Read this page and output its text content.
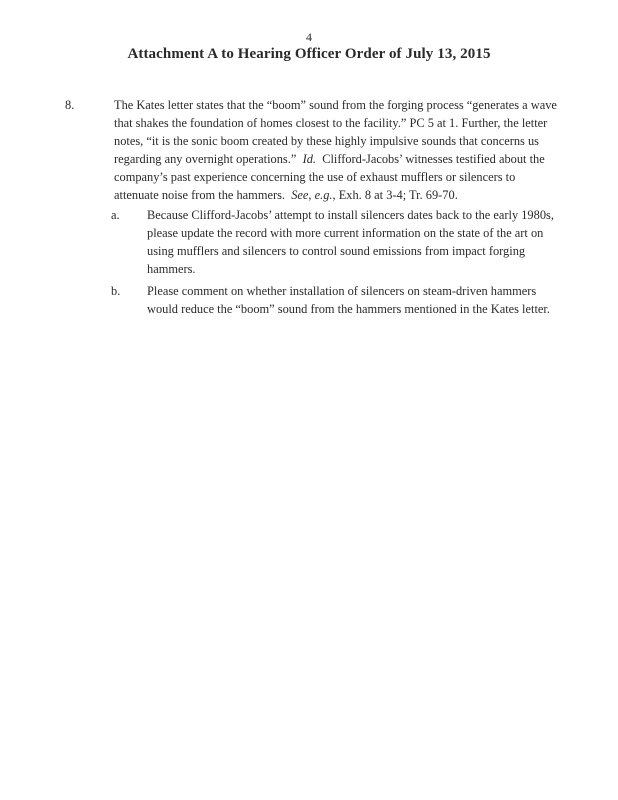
4
Attachment A to Hearing Officer Order of July 13, 2015
8.	The Kates letter states that the “boom” sound from the forging process “generates a wave
that shakes the foundation of homes closest to the facility.” PC 5 at 1. Further, the letter
notes, “it is the sonic boom created by these highly impulsive sounds that concerns us
regarding any overnight operations.” Id. Clifford-Jacobs’ witnesses testified about the
company’s past experience concerning the use of exhaust mufflers or silencers to
attenuate noise from the hammers. See, e.g., Exh. 8 at 3-4; Tr. 69-70.
a. Because Clifford-Jacobs’ attempt to install silencers dates back to the early 1980s,
please update the record with more current information on the state of the art on
using mufflers and silencers to control sound emissions from impact forging
hammers.
b. Please comment on whether installation of silencers on steam-driven hammers
would reduce the “boom” sound from the hammers mentioned in the Kates letter.
